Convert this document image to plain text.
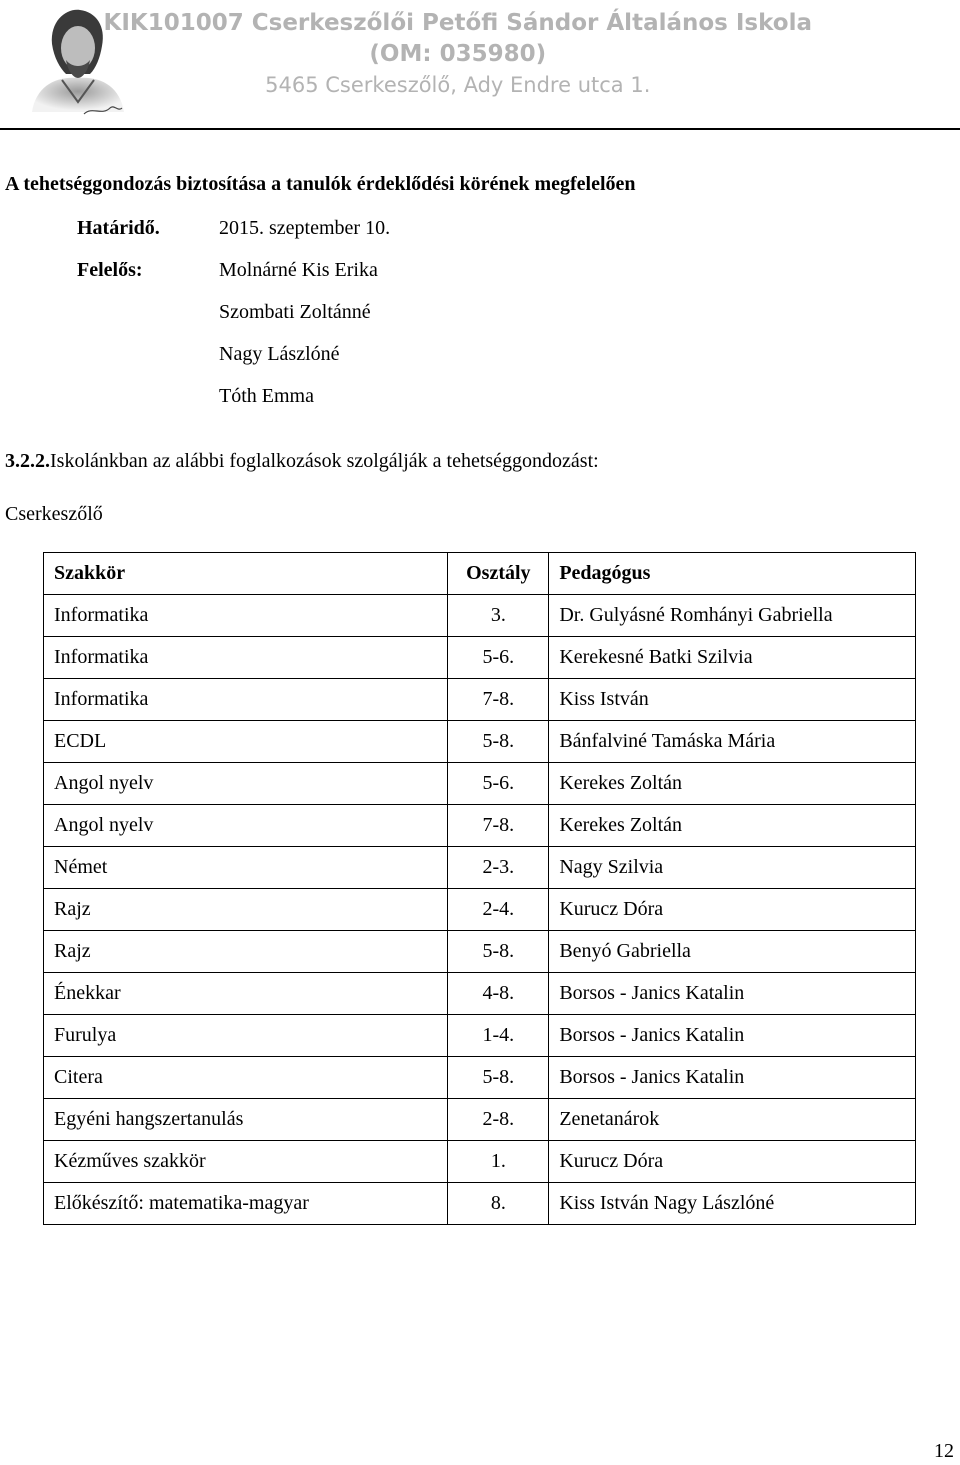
KIK101007 Cserkeszőlői Petőfi Sándor Általános Iskola
(OM: 035980)
5465 Cserkeszőlő, Ady Endre utca 1.
A tehetséggondozás biztosítása a tanulók érdeklődési körének megfelelően
Határidő.	2015. szeptember 10.
Felelős:	Molnárné Kis Erika
Szombati Zoltánné
Nagy Lászlóné
Tóth Emma
3.2.2.Iskolánkban az alábbi foglalkozások szolgálják a tehetséggondozást:
Cserkeszőlő
Szakkör	Osztály	Pedagógus
Informatika	3.	Dr. Gulyásné Romhányi Gabriella
Informatika	5-6.	Kerekesné Batki Szilvia
Informatika	7-8.	Kiss István
ECDL	5-8.	Bánfalviné Tamáska Mária
Angol nyelv	5-6.	Kerekes Zoltán
Angol nyelv	7-8.	Kerekes Zoltán
Német	2-3.	Nagy Szilvia
Rajz	2-4.	Kurucz Dóra
Rajz	5-8.	Benyó Gabriella
Énekkar	4-8.	Borsos - Janics Katalin
Furulya	1-4.	Borsos - Janics Katalin
Citera	5-8.	Borsos - Janics Katalin
Egyéni hangszertanulás	2-8.	Zenetanárok
Kézműves szakkör	1.	Kurucz Dóra
Előkészítő: matematika-magyar	8.	Kiss István Nagy Lászlóné
12
